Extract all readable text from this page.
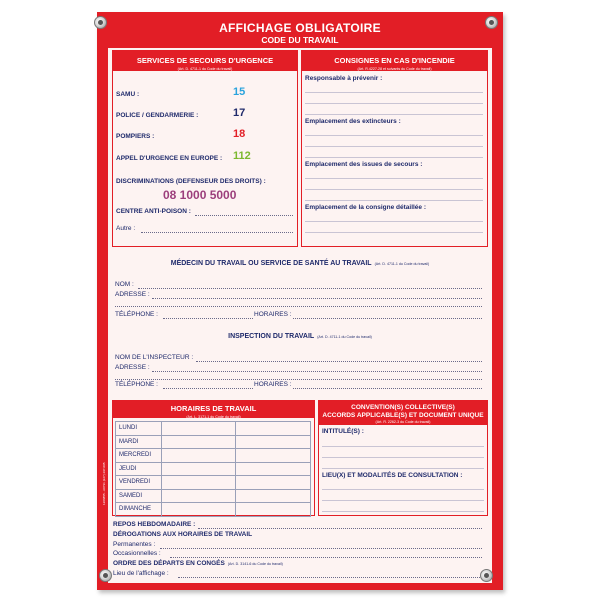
AFFICHAGE OBLIGATOIRE
CODE DU TRAVAIL
SERVICES DE SECOURS D'URGENCE
(Art. D. 4711-1 du Code du travail)
SAMU :	15
POLICE / GENDARMERIE :	17
POMPIERS :	18
APPEL D'URGENCE EN EUROPE : 112
DISCRIMINATIONS (DEFENSEUR DES DROITS) :
08 1000 5000
CENTRE ANTI-POISON :
Autre :
CONSIGNES EN CAS D'INCENDIE
(Art. R.4227-28 et suivants du Code du travail)
Responsable à prévenir :
Emplacement des extincteurs :
Emplacement des issues de secours :
Emplacement de la consigne détaillée :
MÉDECIN DU TRAVAIL OU SERVICE DE SANTÉ AU TRAVAIL (Art. D. 4711-1 du Code du travail)
NOM :
ADRESSE :
TÉLÉPHONE :	HORAIRES :
INSPECTION DU TRAVAIL (Art. D. 4711-1 du Code du travail)
NOM DE L'INSPECTEUR :
ADRESSE :
TÉLÉPHONE :	HORAIRES :
HORAIRES DE TRAVAIL
(Art. L. 3171-1 du Code du travail)
LUNDI		
MARDI		
MERCREDI		
JEUDI		
VENDREDI		
SAMEDI		
DIMANCHE		
CONVENTION(S) COLLECTIVE(S)
ACCORDS APPLICABLE(S) ET DOCUMENT UNIQUE
(Art. R. 2262-3 du Code du travail)
INTITULÉ(S) :
LIEU(X) ET MODALITÉS DE CONSULTATION :
REPOS HEBDOMADAIRE :
DÉROGATIONS AUX HORAIRES DE TRAVAIL
Permanentes :
Occasionnelles :
ORDRE DES DÉPARTS EN CONGÉS (Art. D. 3141-6 du Code du travail)
Lieu de l'affichage :
1206855 - A0731 (227) 297-005
